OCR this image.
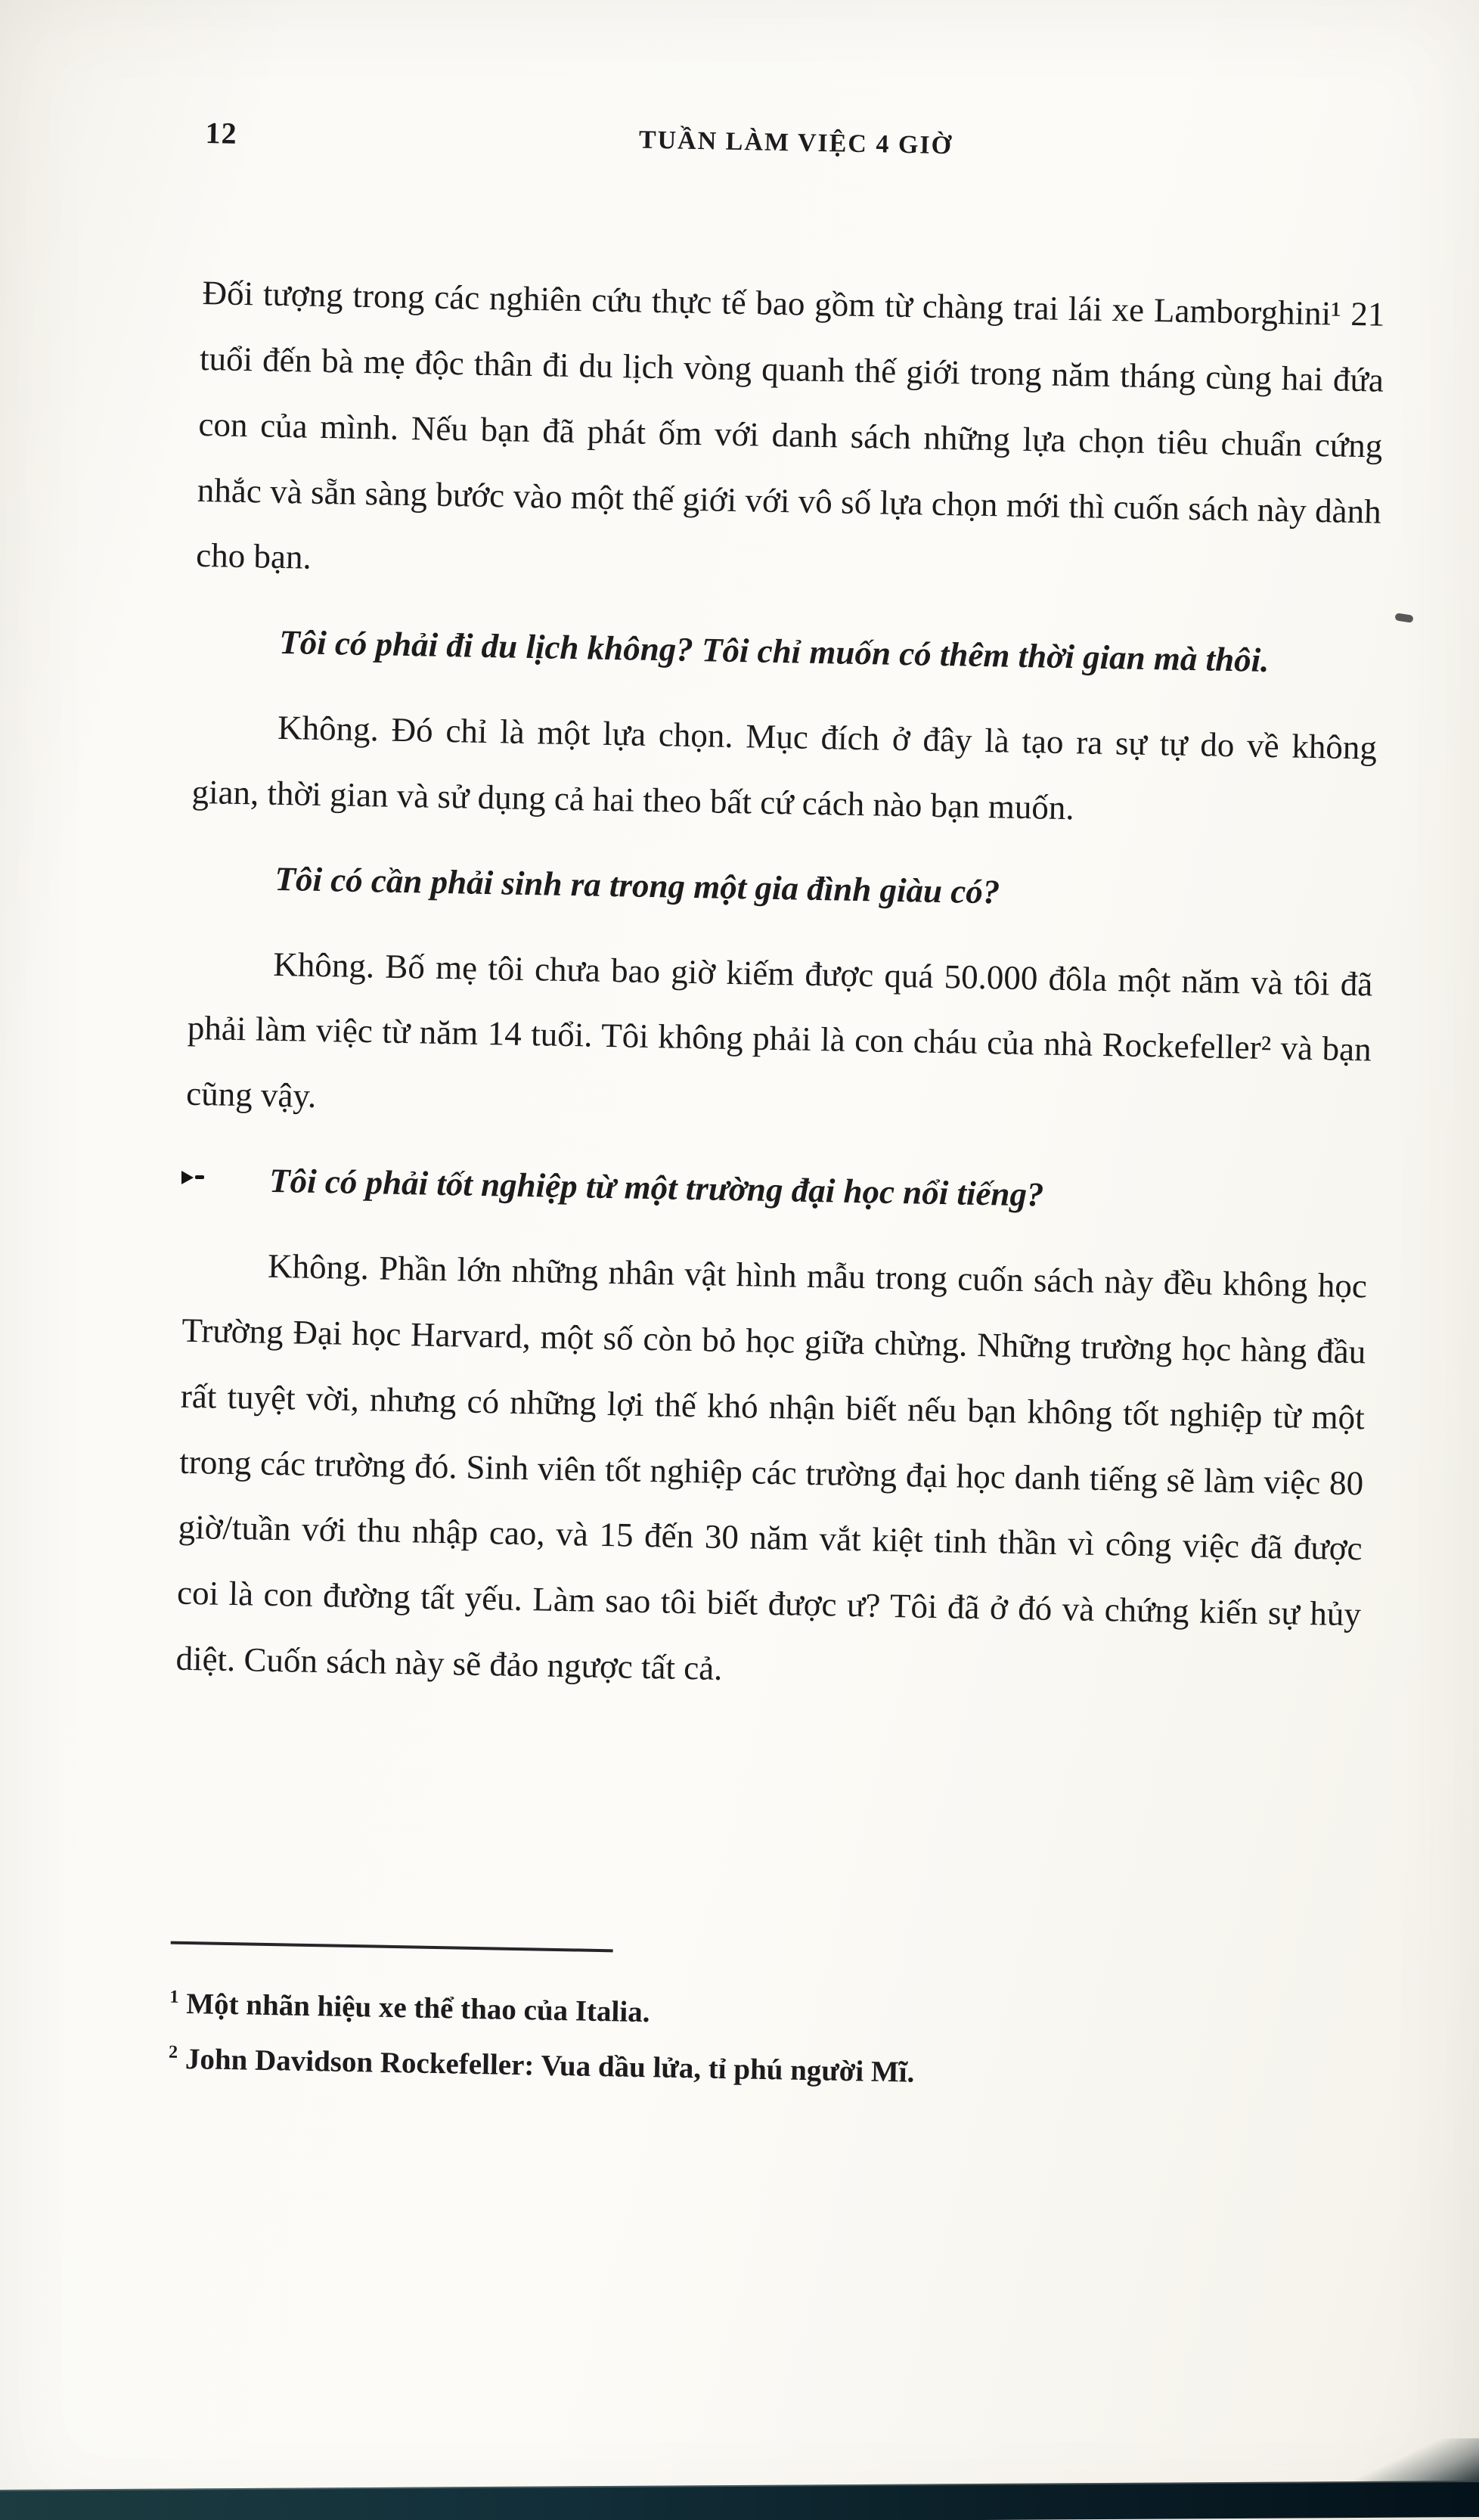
12	TUẦN LÀM VIỆC 4 GIỜ

Đối tượng trong các nghiên cứu thực tế bao gồm từ chàng trai lái xe Lamborghini¹ 21 tuổi đến bà mẹ độc thân đi du lịch vòng quanh thế giới trong năm tháng cùng hai đứa con của mình. Nếu bạn đã phát ốm với danh sách những lựa chọn tiêu chuẩn cứng nhắc và sẵn sàng bước vào một thế giới với vô số lựa chọn mới thì cuốn sách này dành cho bạn.

Tôi có phải đi du lịch không? Tôi chỉ muốn có thêm thời gian mà thôi.

Không. Đó chỉ là một lựa chọn. Mục đích ở đây là tạo ra sự tự do về không gian, thời gian và sử dụng cả hai theo bất cứ cách nào bạn muốn.

Tôi có cần phải sinh ra trong một gia đình giàu có?

Không. Bố mẹ tôi chưa bao giờ kiếm được quá 50.000 đôla một năm và tôi đã phải làm việc từ năm 14 tuổi. Tôi không phải là con cháu của nhà Rockefeller² và bạn cũng vậy.

Tôi có phải tốt nghiệp từ một trường đại học nổi tiếng?

Không. Phần lớn những nhân vật hình mẫu trong cuốn sách này đều không học Trường Đại học Harvard, một số còn bỏ học giữa chừng. Những trường học hàng đầu rất tuyệt vời, nhưng có những lợi thế khó nhận biết nếu bạn không tốt nghiệp từ một trong các trường đó. Sinh viên tốt nghiệp các trường đại học danh tiếng sẽ làm việc 80 giờ/tuần với thu nhập cao, và 15 đến 30 năm vắt kiệt tinh thần vì công việc đã được coi là con đường tất yếu. Làm sao tôi biết được ư? Tôi đã ở đó và chứng kiến sự hủy diệt. Cuốn sách này sẽ đảo ngược tất cả.

$^1$ Một nhãn hiệu xe thể thao của Italia.

$^2$ John Davidson Rockefeller: Vua dầu lửa, tỉ phú người Mĩ.
